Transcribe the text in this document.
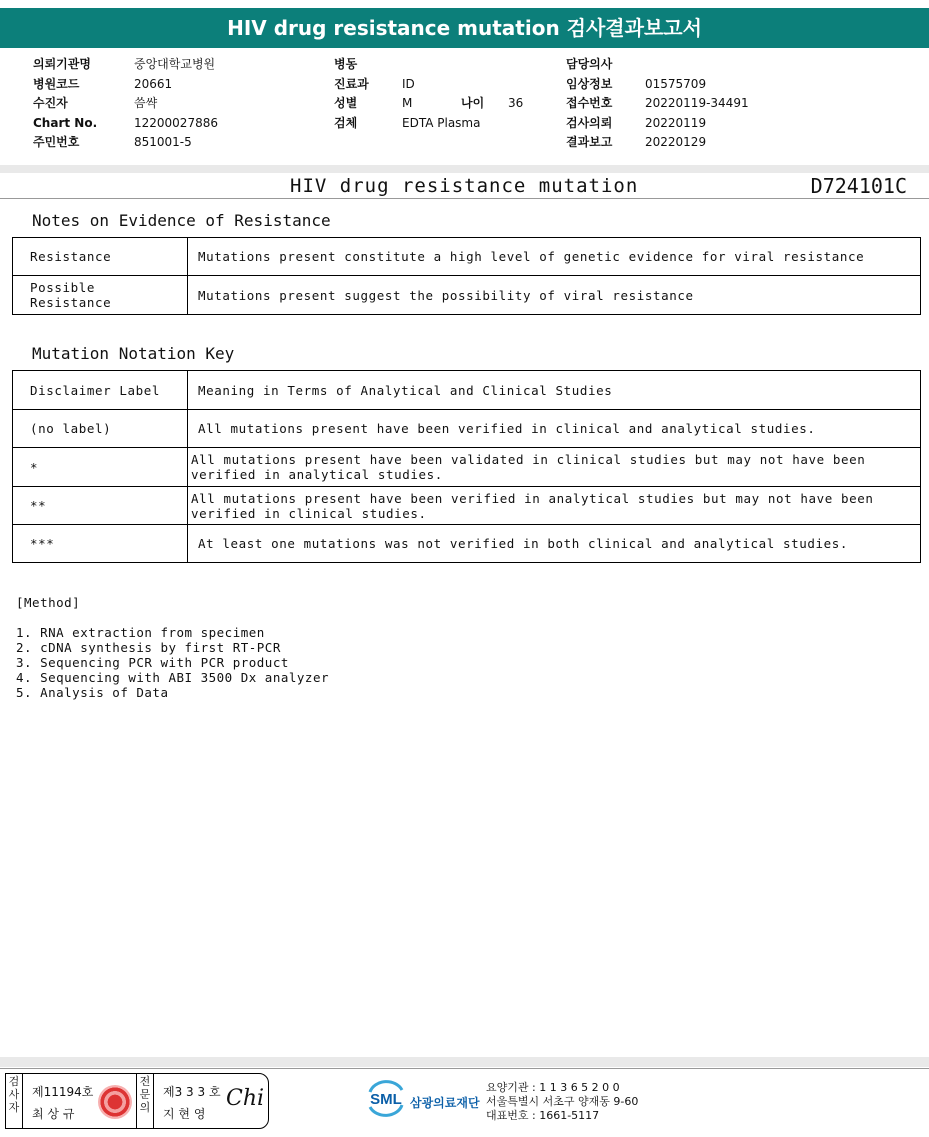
HIV drug resistance mutation 검사결과보고서
의뢰기관명	중앙대학교병원
병원코드	20661
수진자	씀쌱
Chart No.	12200027886
주민번호	851001-5
병동
진료과	ID
성별	M	나이 36
검체	EDTA Plasma
담당의사
임상정보	01575709
접수번호	20220119-34491
검사의뢰	20220119
결과보고	20220129
HIV drug resistance mutation	D724101C
Notes on Evidence of Resistance
Resistance	Mutations present constitute a high level of genetic evidence for viral resistance
Possible Resistance	Mutations present suggest the possibility of viral resistance
Mutation Notation Key
Disclaimer Label	Meaning in Terms of Analytical and Clinical Studies
(no label)	All mutations present have been verified in clinical and analytical studies.
*	All mutations present have been validated in clinical studies but may not have been verified in analytical studies.
**	All mutations present have been verified in analytical studies but may not have been verified in clinical studies.
***	At least one mutations was not verified in both clinical and analytical studies.
[Method]
1. RNA extraction from specimen
2. cDNA synthesis by first RT-PCR
3. Sequencing PCR with PCR product
4. Sequencing with ABI 3500 Dx analyzer
5. Analysis of Data
검사자
제11194호
최 상 규
전문의
제3 3 3 호
지 현 영
Chi	SML 삼광의료재단
요양기관 : 1 1 3 6 5 2 0 0
서울특별시 서초구 양재동 9-60
대표번호 : 1661-5117
